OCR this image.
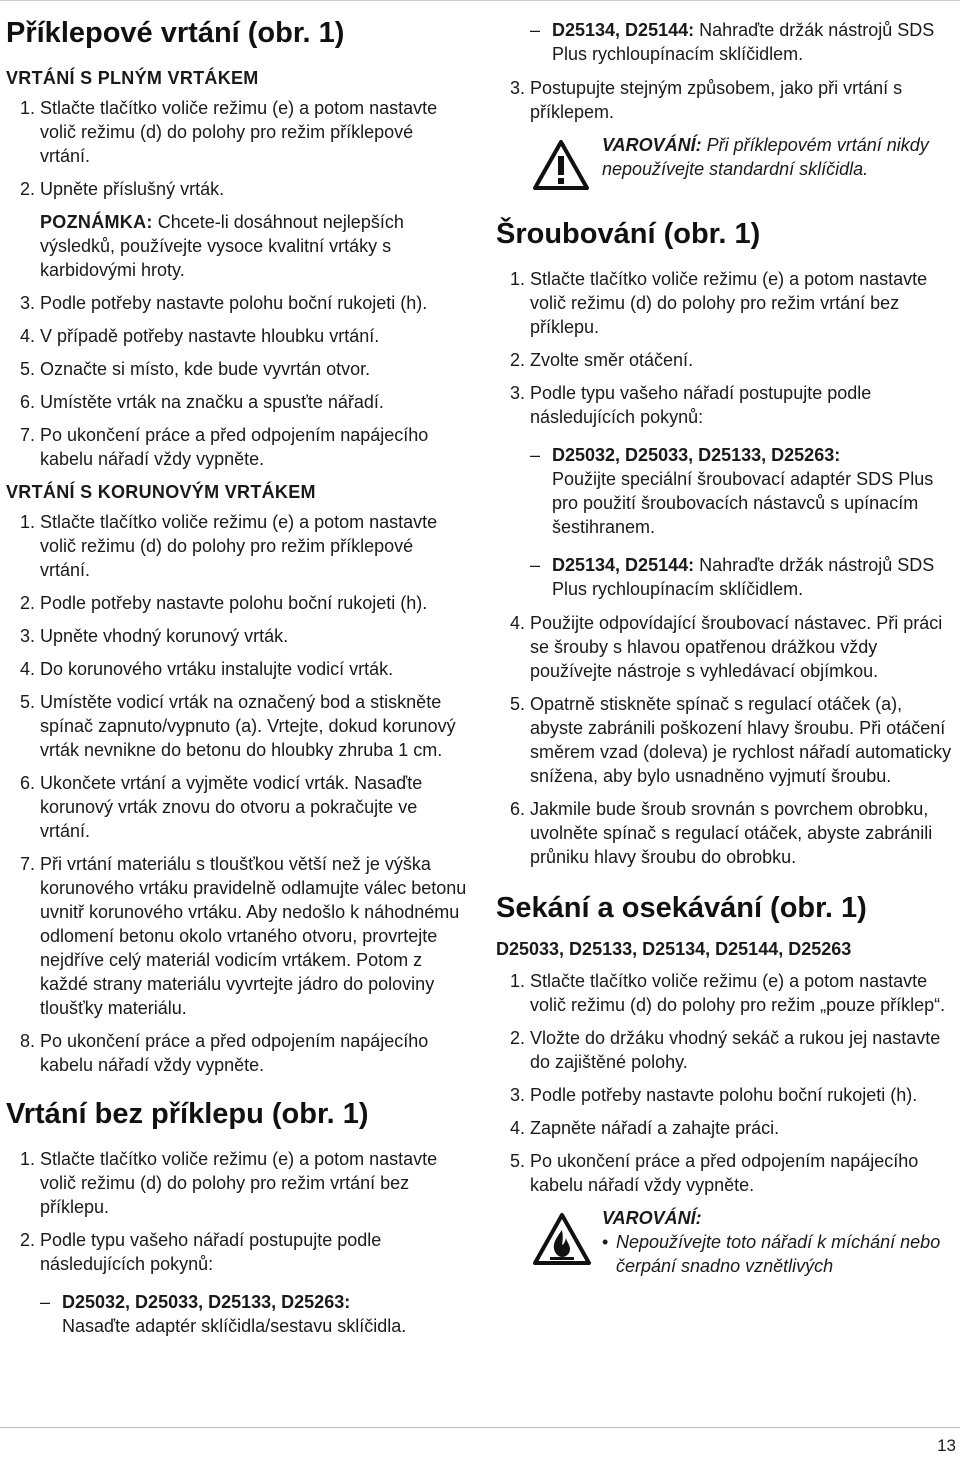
Příklepové vrtání (obr. 1)
VRTÁNÍ S PLNÝM VRTÁKEM
1. Stlačte tlačítko voliče režimu (e) a potom nastavte volič režimu (d) do polohy pro režim příklepové vrtání.
2. Upněte příslušný vrták.
POZNÁMKA: Chcete-li dosáhnout nejlepších výsledků, používejte vysoce kvalitní vrtáky s karbidovými hroty.
3. Podle potřeby nastavte polohu boční rukojeti (h).
4. V případě potřeby nastavte hloubku vrtání.
5. Označte si místo, kde bude vyvrtán otvor.
6. Umístěte vrták na značku a spusťte nářadí.
7. Po ukončení práce a před odpojením napájecího kabelu nářadí vždy vypněte.
VRTÁNÍ S KORUNOVÝM VRTÁKEM
1. Stlačte tlačítko voliče režimu (e) a potom nastavte volič režimu (d) do polohy pro režim příklepové vrtání.
2. Podle potřeby nastavte polohu boční rukojeti (h).
3. Upněte vhodný korunový vrták.
4. Do korunového vrtáku instalujte vodicí vrták.
5. Umístěte vodicí vrták na označený bod a stiskněte spínač zapnuto/vypnuto (a). Vrtejte, dokud korunový vrták nevnikne do betonu do hloubky zhruba 1 cm.
6. Ukončete vrtání a vyjměte vodicí vrták. Nasaďte korunový vrták znovu do otvoru a pokračujte ve vrtání.
7. Při vrtání materiálu s tloušťkou větší než je výška korunového vrtáku pravidelně odlamujte válec betonu uvnitř korunového vrtáku. Aby nedošlo k náhodnému odlomení betonu okolo vrtaného otvoru, provrtejte nejdříve celý materiál vodicím vrtákem. Potom z každé strany materiálu vyvrtejte jádro do poloviny tloušťky materiálu.
8. Po ukončení práce a před odpojením napájecího kabelu nářadí vždy vypněte.
Vrtání bez příklepu (obr. 1)
1. Stlačte tlačítko voliče režimu (e) a potom nastavte volič režimu (d) do polohy pro režim vrtání bez příklepu.
2. Podle typu vašeho nářadí postupujte podle následujících pokynů:
– D25032, D25033, D25133, D25263:
Nasaďte adaptér sklíčidla/sestavu sklíčidla.
– D25134, D25144: Nahraďte držák nástrojů SDS Plus rychloupínacím sklíčidlem.
3. Postupujte stejným způsobem, jako při vrtání s příklepem.
VAROVÁNÍ: Při příklepovém vrtání nikdy nepoužívejte standardní sklíčidla.
Šroubování (obr. 1)
1. Stlačte tlačítko voliče režimu (e) a potom nastavte volič režimu (d) do polohy pro režim vrtání bez příklepu.
2. Zvolte směr otáčení.
3. Podle typu vašeho nářadí postupujte podle následujících pokynů:
– D25032, D25033, D25133, D25263:
Použijte speciální šroubovací adaptér SDS Plus pro použití šroubovacích nástavců s upínacím šestihranem.
– D25134, D25144: Nahraďte držák nástrojů SDS Plus rychloupínacím sklíčidlem.
4. Použijte odpovídající šroubovací nástavec. Při práci se šrouby s hlavou opatřenou drážkou vždy používejte nástroje s vyhledávací objímkou.
5. Opatrně stiskněte spínač s regulací otáček (a), abyste zabránili poškození hlavy šroubu. Při otáčení směrem vzad (doleva) je rychlost nářadí automaticky snížena, aby bylo usnadněno vyjmutí šroubu.
6. Jakmile bude šroub srovnán s povrchem obrobku, uvolněte spínač s regulací otáček, abyste zabránili průniku hlavy šroubu do obrobku.
Sekání a osekávání (obr. 1)
D25033, D25133, D25134, D25144, D25263
1. Stlačte tlačítko voliče režimu (e) a potom nastavte volič režimu (d) do polohy pro režim „pouze příklep“.
2. Vložte do držáku vhodný sekáč a rukou jej nastavte do zajištěné polohy.
3. Podle potřeby nastavte polohu boční rukojeti (h).
4. Zapněte nářadí a zahajte práci.
5. Po ukončení práce a před odpojením napájecího kabelu nářadí vždy vypněte.
VAROVÁNÍ:
• Nepoužívejte toto nářadí k míchání nebo čerpání snadno vznětlivých
13
